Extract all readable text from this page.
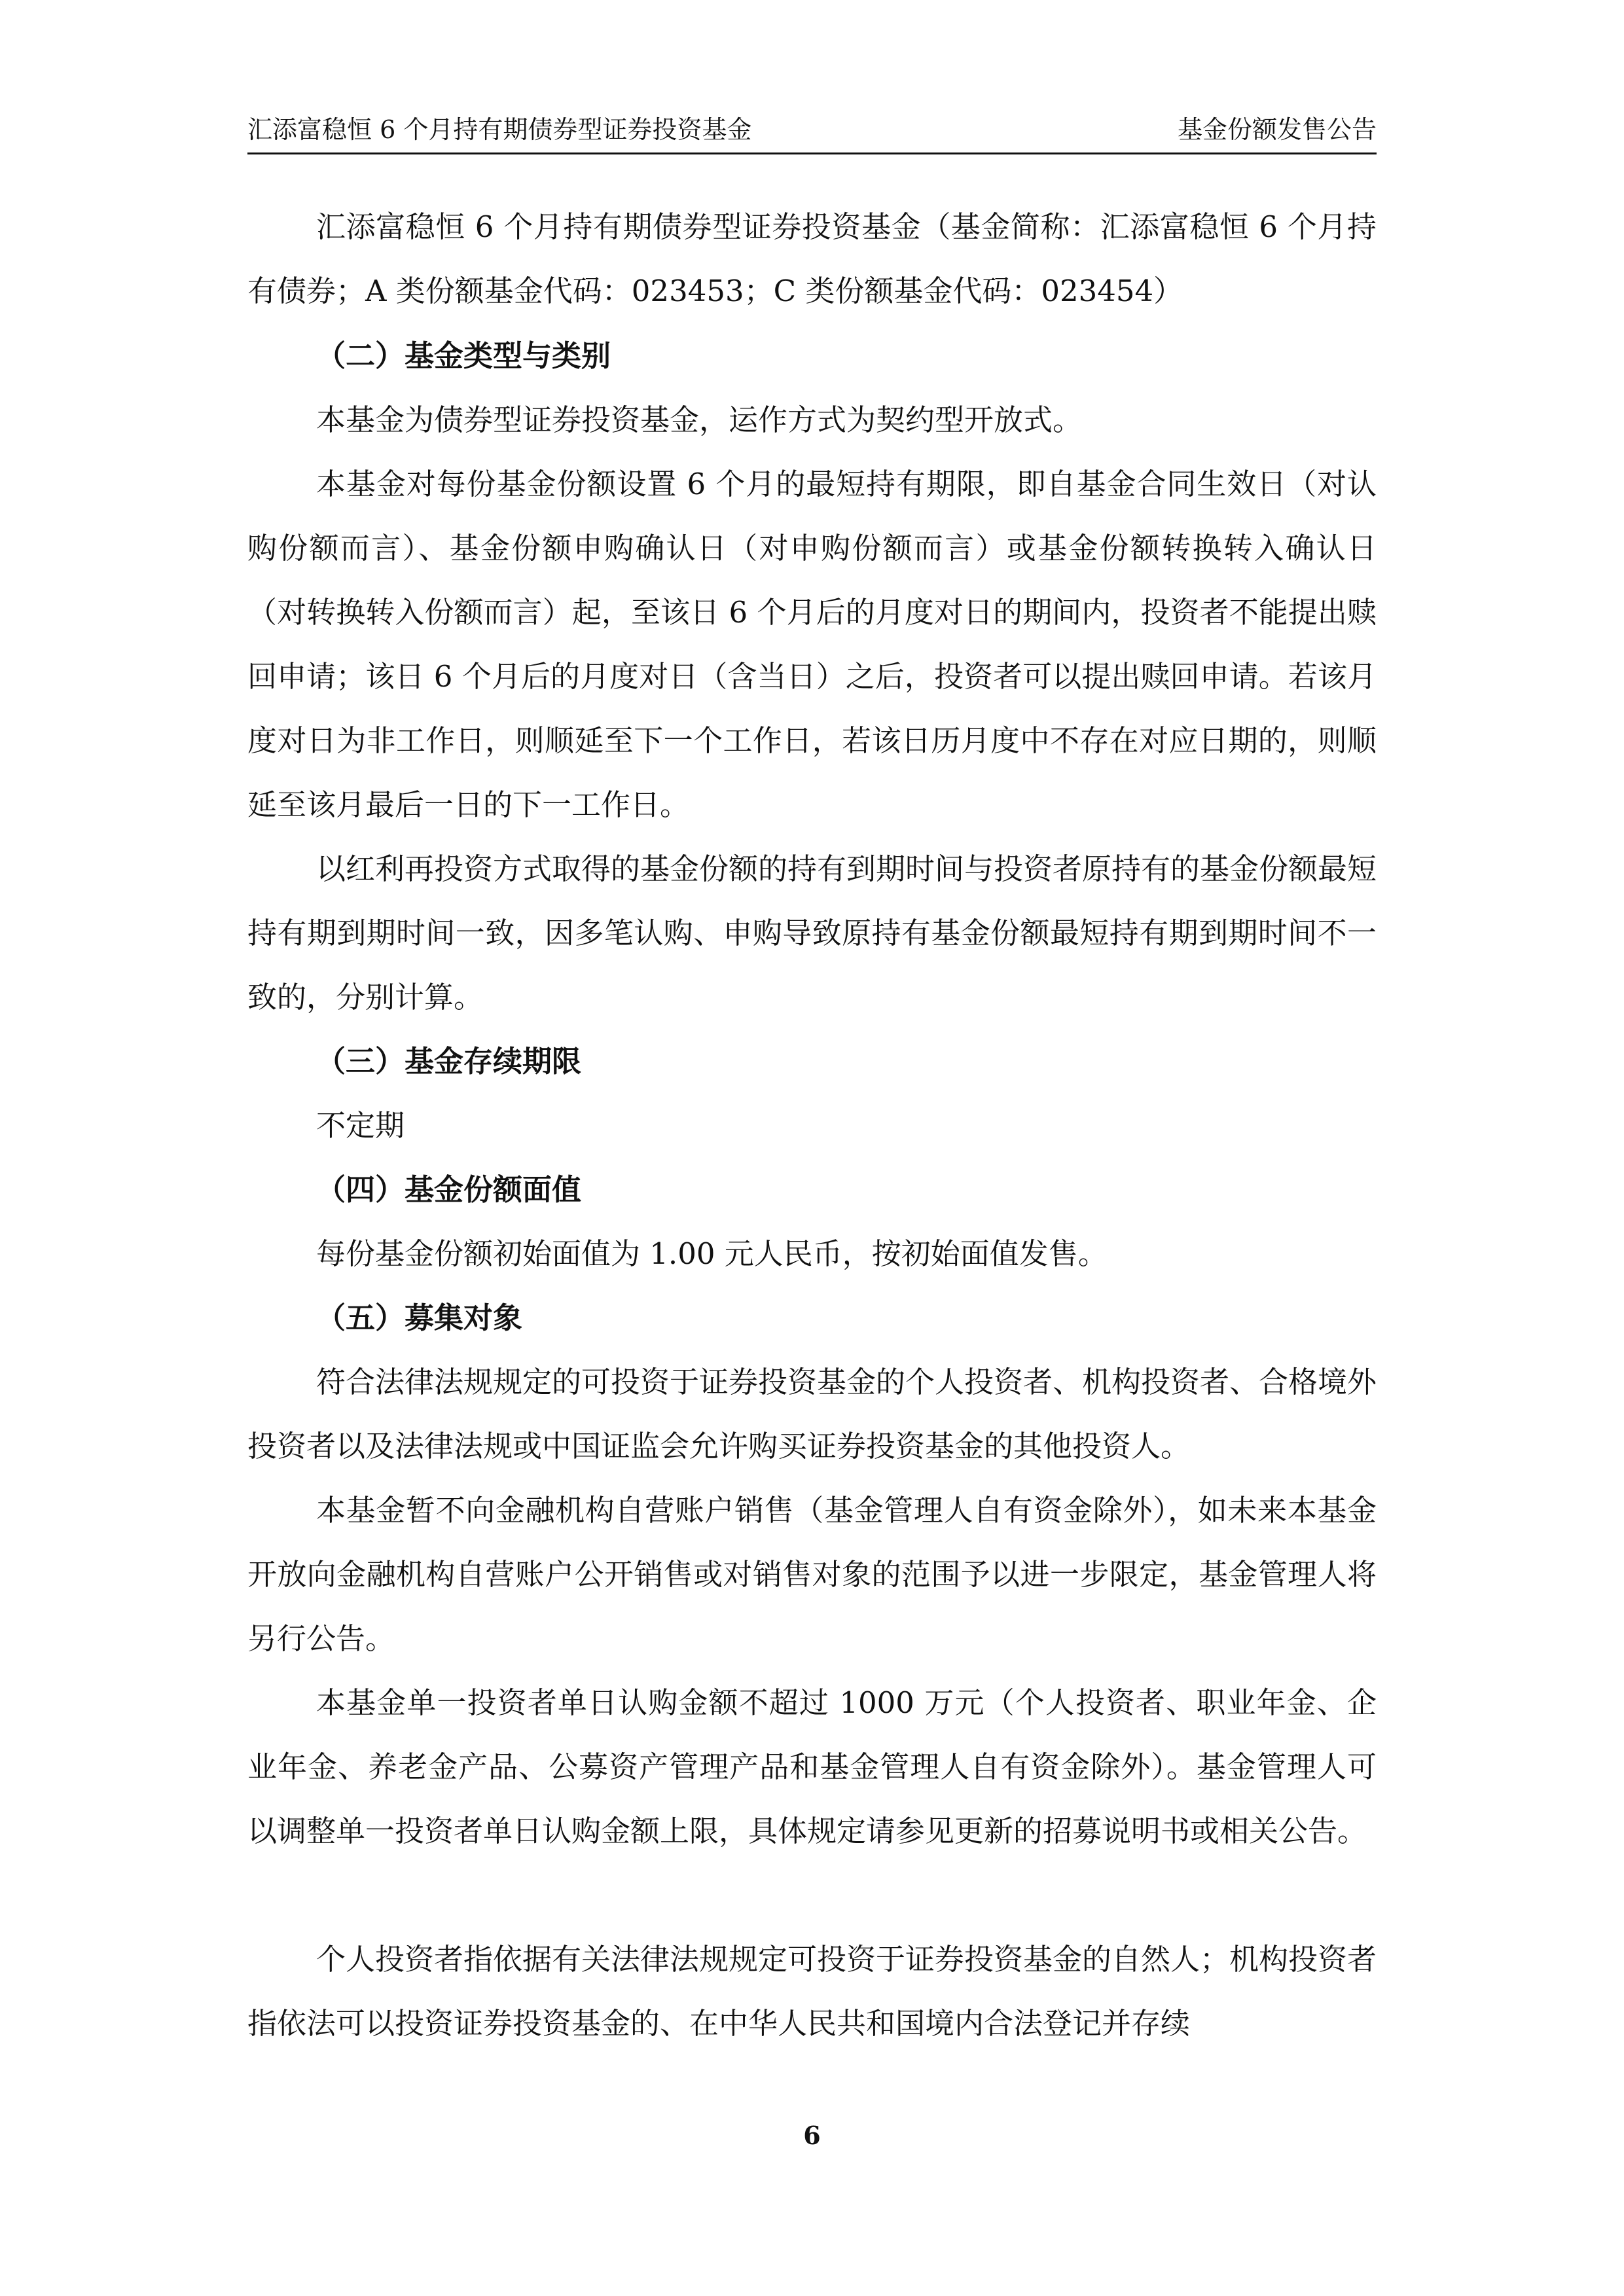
汇添富稳恒 6 个月持有期债券型证券投资基金	基金份额发售公告

汇添富稳恒 6 个月持有期债券型证券投资基金（基金简称：汇添富稳恒 6 个月持有债券；A 类份额基金代码：023453；C 类份额基金代码：023454）

（二）基金类型与类别

本基金为债券型证券投资基金，运作方式为契约型开放式。

本基金对每份基金份额设置 6 个月的最短持有期限，即自基金合同生效日（对认购份额而言）、基金份额申购确认日（对申购份额而言）或基金份额转换转入确认日（对转换转入份额而言）起，至该日 6 个月后的月度对日的期间内，投资者不能提出赎回申请；该日 6 个月后的月度对日（含当日）之后，投资者可以提出赎回申请。若该月度对日为非工作日，则顺延至下一个工作日，若该日历月度中不存在对应日期的，则顺延至该月最后一日的下一工作日。

以红利再投资方式取得的基金份额的持有到期时间与投资者原持有的基金份额最短持有期到期时间一致，因多笔认购、申购导致原持有基金份额最短持有期到期时间不一致的，分别计算。

（三）基金存续期限

不定期

（四）基金份额面值

每份基金份额初始面值为 1.00 元人民币，按初始面值发售。

（五）募集对象

符合法律法规规定的可投资于证券投资基金的个人投资者、机构投资者、合格境外投资者以及法律法规或中国证监会允许购买证券投资基金的其他投资人。

本基金暂不向金融机构自营账户销售（基金管理人自有资金除外），如未来本基金开放向金融机构自营账户公开销售或对销售对象的范围予以进一步限定，基金管理人将另行公告。

本基金单一投资者单日认购金额不超过 1000 万元（个人投资者、职业年金、企业年金、养老金产品、公募资产管理产品和基金管理人自有资金除外）。基金管理人可以调整单一投资者单日认购金额上限，具体规定请参见更新的招募说明书或相关公告。

个人投资者指依据有关法律法规规定可投资于证券投资基金的自然人；机构投资者指依法可以投资证券投资基金的、在中华人民共和国境内合法登记并存续

6
